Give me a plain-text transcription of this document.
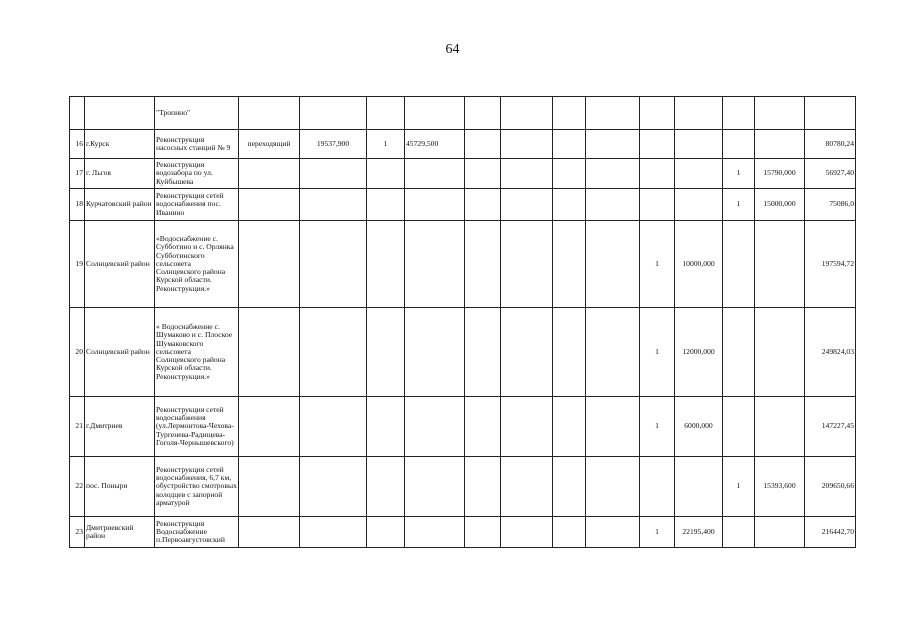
64
		"Тропино"													
16	г.Курск	Реконструкция насосных станций № 9	переходящий	19537,900	1	45729,500									80780,24
17	г. Льгов	Реконструкция водозабора по ул. Куйбышева											1	15790,000	56927,40
18	Курчатовский район	Реконструкция сетей водоснабжения пос. Иванино											1	15000,000	75086,0
19	Солнцевский район	«Водоснабжение с. Субботино и с. Орлянка Субботинского сельсовета Солнцевского района Курской области. Реконструкция.»									1	10000,000			197594,72
20	Солнцевский район	« Водоснабжение с. Шумаково и с. Плоское Шумаковского сельсовета Солнцевского района Курской области. Реконструкция.»									1	12000,000			249824,03
21	г.Дмитриев	Реконструкция сетей водоснабжения (ул.Лермонтова-Чехова-Тургенева-Радищева-Гоголя-Чернышевского)									1	6000,000			147227,45
22	пос. Поныри	Реконструкция сетей водоснабжения, 6,7 км, обустройство смотровых колодцев с запорной арматурой											1	15393,600	209650,66
23	Дмитриевский район	Реконструкция Водоснабжение п.Первоавгустовский									1	22195,400			216442,70
